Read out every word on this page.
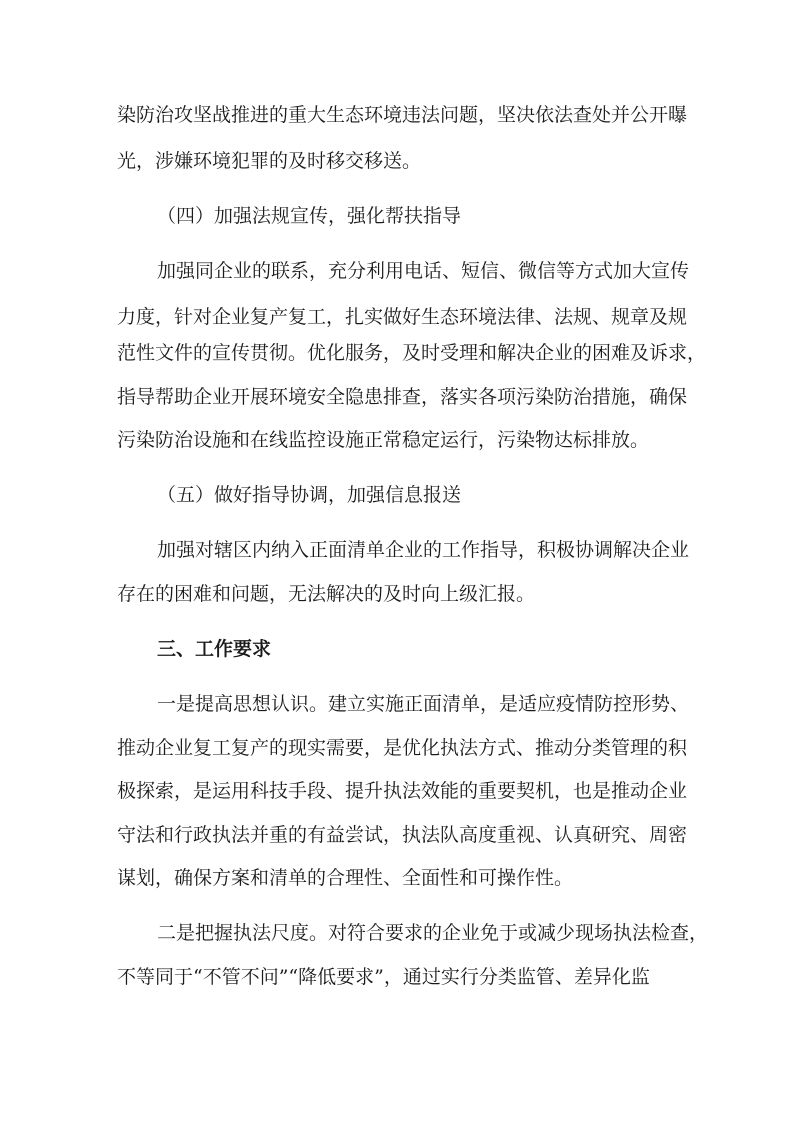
染防治攻坚战推进的重大生态环境违法问题，坚决依法查处并公开曝
光，涉嫌环境犯罪的及时移交移送。
（四）加强法规宣传，强化帮扶指导
加强同企业的联系，充分利用电话、短信、微信等方式加大宣传
力度，针对企业复产复工，扎实做好生态环境法律、法规、规章及规
范性文件的宣传贯彻。优化服务，及时受理和解决企业的困难及诉求，
指导帮助企业开展环境安全隐患排查，落实各项污染防治措施，确保
污染防治设施和在线监控设施正常稳定运行，污染物达标排放。
（五）做好指导协调，加强信息报送
加强对辖区内纳入正面清单企业的工作指导，积极协调解决企业
存在的困难和问题，无法解决的及时向上级汇报。
三、工作要求
一是提高思想认识。建立实施正面清单，是适应疫情防控形势、
推动企业复工复产的现实需要，是优化执法方式、推动分类管理的积
极探索，是运用科技手段、提升执法效能的重要契机，也是推动企业
守法和行政执法并重的有益尝试，执法队高度重视、认真研究、周密
谋划，确保方案和清单的合理性、全面性和可操作性。
二是把握执法尺度。对符合要求的企业免于或减少现场执法检查，
不等同于“不管不问”“降低要求”，通过实行分类监管、差异化监
